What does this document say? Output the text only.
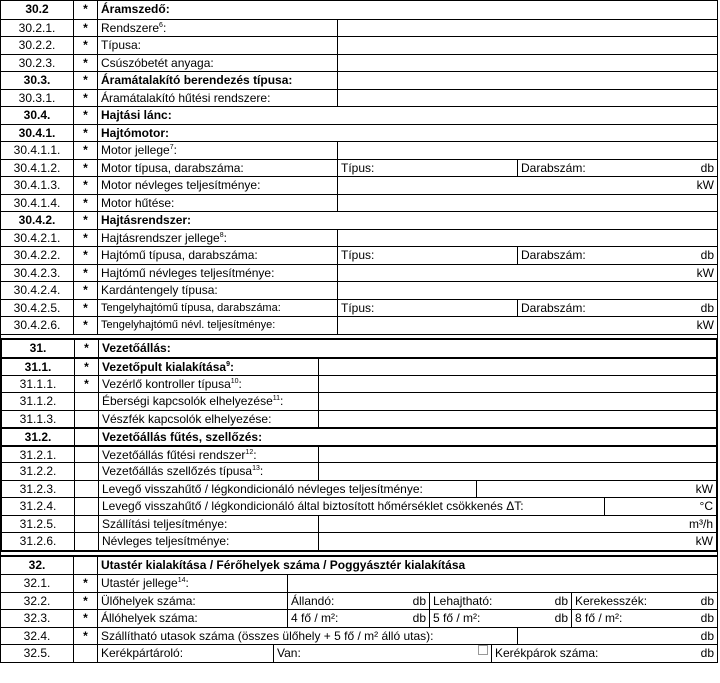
30.2	*	Áramszedő:
30.2.1.	*	Rendszere$^6$:
30.2.2.	*	Típusa:
30.2.3.	*	Csúszóbetét anyaga:
30.3.	*	Áramátalakító berendezés típusa:
30.3.1.	*	Áramátalakító hűtési rendszere:
30.4.	*	Hajtási lánc:
30.4.1.	*	Hajtómotor:
30.4.1.1.	*	Motor jellege$^7$:
30.4.1.2.	*	Motor típusa, darabszáma:	Típus:	Darabszám:	db
30.4.1.3.	*	Motor névleges teljesítménye:	kW
30.4.1.4.	*	Motor hűtése:
30.4.2.	*	Hajtásrendszer:
30.4.2.1.	*	Hajtásrendszer jellege$^8$:
30.4.2.2.	*	Hajtómű típusa, darabszáma:	Típus:	Darabszám:	db
30.4.2.3.	*	Hajtómű névleges teljesítménye:	kW
30.4.2.4.	*	Kardántengely típusa:
30.4.2.5.	*	Tengelyhajtómű típusa, darabszáma:	Típus:	Darabszám:	db
30.4.2.6.	*	Tengelyhajtómű névl. teljesítménye:	kW
31.	*	Vezetőállás:
31.1.	*	Vezetőpult kialakítása$^9$:
31.1.1.	*	Vezérlő kontroller típusa$^{10}$:
31.1.2.	Éberségi kapcsolók elhelyezése$^{11}$:
31.1.3.	Vészfék kapcsolók elhelyezése:
31.2.	Vezetőállás fűtés, szellőzés:
31.2.1.	Vezetőállás fűtési rendszer$^{12}$:
31.2.2.	Vezetőállás szellőzés típusa$^{13}$:
31.2.3.	Levegő visszahűtő / légkondicionáló névleges teljesítménye:	kW
31.2.4.	Levegő visszahűtő / légkondicionáló által biztosított hőmérséklet csökkenés ΔT:	°C
31.2.5.	Szállítási teljesítménye:	m³/h
31.2.6.	Névleges teljesítménye:	kW
32.	Utastér kialakítása / Férőhelyek száma / Poggyásztér kialakítása
32.1.	*	Utastér jellege$^{14}$:
32.2.	*	Ülőhelyek száma:	Állandó:	db Lehajtható:	db Kerekesszék:	db
32.3.	*	Állóhelyek száma:	4 fő / m²:	db 5 fő / m²:	db 8 fő / m²:	db
32.4.	*	Szállítható utasok száma (összes ülőhely + 5 fő / m² álló utas):	db
32.5.	Kerékpártároló:	Van:	Kerékpárok száma:	db
